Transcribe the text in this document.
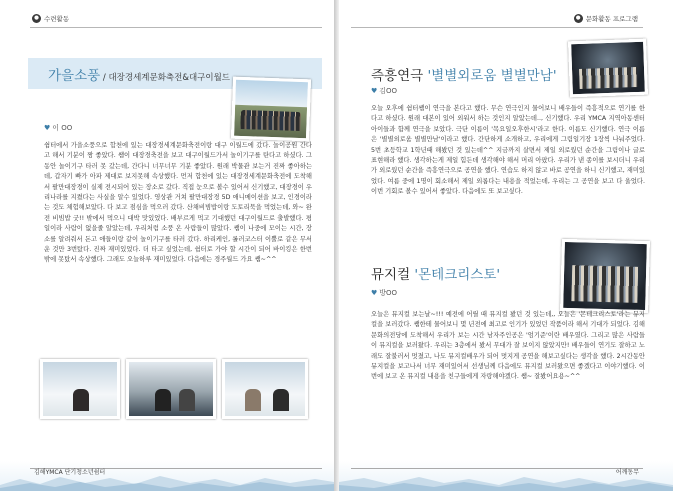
● 수련활동
가을소풍 / 대장경세계문화축전&대구이월드
♥ 이 OO

쉼터에서 가을소풍으로 합천에 있는 대장경세계문화축전이랑 대구 이월드에 갔다. 놀이공원 간다고 해서 기분이 짱 좋았다. 쌤이 대장경축전을 보고 대구이월드가서 놀이기구를 탄다고 하셨다. 그동안 놀이기구 타러 못 갔는데, 간다니 너무너무 기분 좋았다. 원래 박물관 보는거 진짜 좋아하는데, 갑자기 빠가 아파 제대로 보지못해 속상했다. 먼저 합천에 있는 대장경세계문화축전에 도착해서 팔만대장경이 실제 전시되어 있는 장소로 갔다. 직접 눈으로 볼수 있어서 신기했고, 대장경이 우리나라를 지켰다는 사실을 알수 있었다. 영상관 거쳐 팔만대장경 5D 애니메이션을 보고, 인경이라는 것도 체험해보았다. 다 보고 점심을 먹으러 갔다. 산채비빔밥이랑 도토리묵을 먹었는데, 와~ 완전 비빔밥 굿!! 밖에서 먹으니 대박 맛있었다. 배부르게 먹고 기대했던 대구이월드로 출발했다. 평일이라 사람이 없을줄 알았는데, 우리처럼 소풍 온 사람들이 많았다. 쌤이 나중에 모이는 시간, 장소를 알려줘서 돈고 애들이랑 같이 놀이기구를 타러 갔다. 하리케인, 롤러코스터 이뿔로 같은 무서운 것만 3번탔다. 진짜 재미있었다. 더 타고 싶었는데, 쉼터로 가야 할 시간이 되어 바이킹은 한번밖에 못탔서 속상했다. 그래도 오늘하루 재미있었다. 다음에는 경주월드 가요 쌤~^^

김해YMCA 단기청소년쉼터
● 문화활동 프로그램
즉흥연극 '별별외로움 별별만남'
♥ 김OO

오늘 오후에 쉼터쌤이 연극을 본다고 했다. 무슨 연극인지 물어보니 배우들이 즉흥적으로 연기를 한다고 하셨다. 원래 대본이 있어 외워서 하는 것인지 알았는데.., 신기했다. 우리 YMCA 지역아동센터 아이들과 함께 연극을 보았다. 극단 이름이 '목요일오후한시'라고 한다. 이름도 신기했다. 연극 이름은 '별별외로움 별별만남'이라고 했다. 간단하게 소개하고, 우리에게 그림일기장 1장씩 나눠주었다. 5번 초등학교 1학년때 해봤던 것 있는데^^ 지금까지 살면서 제일 외로웠던 순간을 그림이나 글로 표현해라 했다. 생각하는게 제일 힘든데 생각해야 해서 머리 아팠다. 우리가 낸 종이를 보시더니 우리가 외로웠던 순간을 즉흥연극으로 공연을 했다. 연습도 하지 않고 바로 공연을 하니 신기했고, 재미있었다. 여름 중에 1명이 회소해서 제일 외롭다는 내용을 적었는데, 우리는 그 공연을 보고 다 울었다. 이번 기회로 볼수 있어서 좋았다. 다음에도 또 보고싶다.

뮤지컬 '몬테크리스토'
♥ 방OO

오늘은 뮤지컬 보는날~!!! 예전에 어릴 때 뮤지컬 봤던 것 있는데,, 오늘은 '몬테크리스토'라는 뮤지컬을 보러갔다. 쌤한테 물어보니 몇 년전에 최고로 인기가 있었던 작품이라 해서 기대가 되었다. 김해문화의전당에 도착해서 우리가 보는 시간 남자주인공은 '엄기준'이란 배우였다. 그리고 많은 사람들이 뮤지컬을 보러왔다. 우리는 3층에서 봤서 무대가 잘 보이지 않았지만! 배우들이 연기도 잘하고 노래도 잘불러서 멋졌고, 나도 뮤지컬배우가 되어 멋지게 공연을 해보고싶다는 생각을 했다. 2시간동안 뮤지컬을 보고나서 너무 재미있어서 선생님께 다음에도 뮤지컬 보러왔으면 좋겠다고 이야기했다. 이번에 보고 온 뮤지컬 내용을 친구들에게 자랑해야겠다. 쌤~ 잘봤어요용~^^

어깨동무
